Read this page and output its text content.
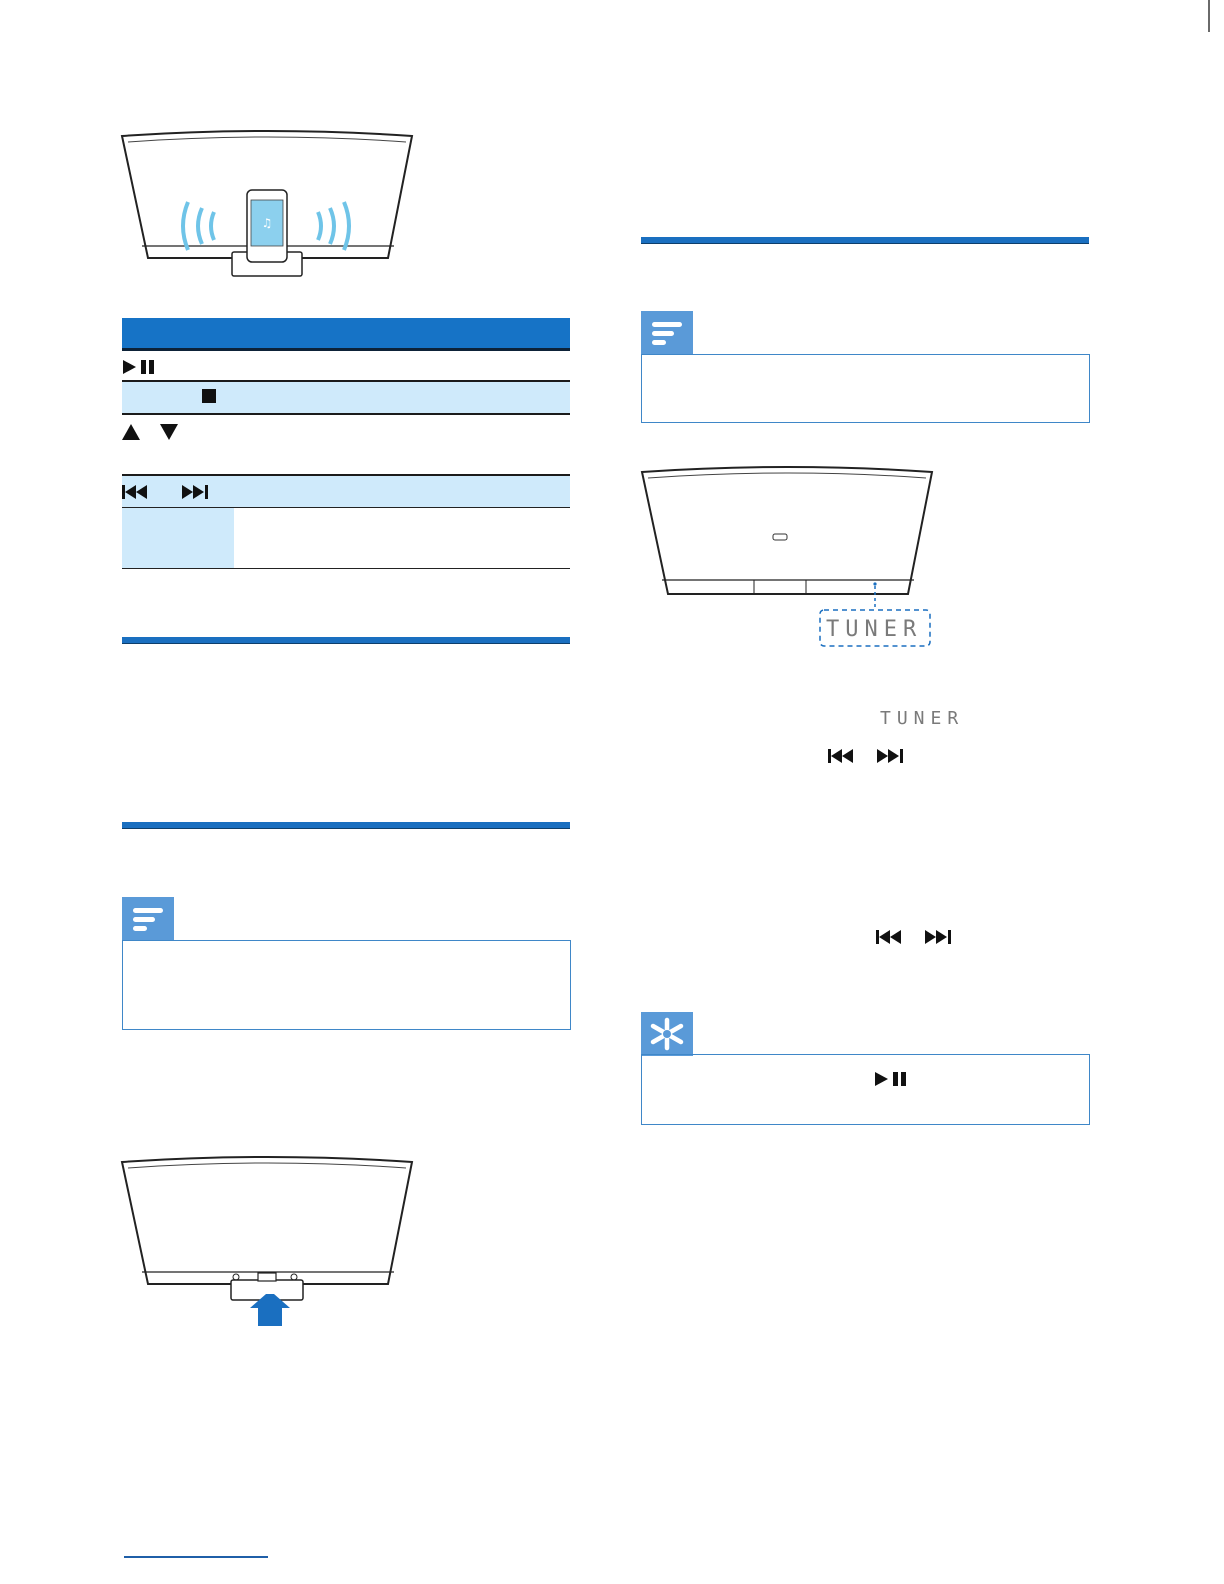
♫
TUNER
TUNER
